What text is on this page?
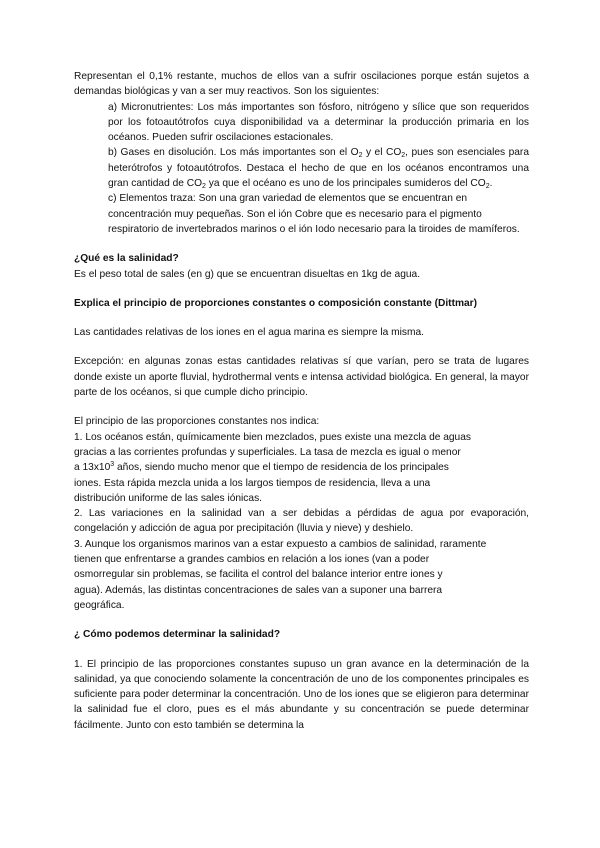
Representan el 0,1% restante, muchos de ellos van a sufrir oscilaciones porque están sujetos a demandas biológicas y van a ser muy reactivos. Son los siguientes:

a) Micronutrientes: Los más importantes son fósforo, nitrógeno y sílice que son requeridos por los fotoautótrofos cuya disponibilidad va a determinar la producción primaria en los océanos. Pueden sufrir oscilaciones estacionales.

b) Gases en disolución. Los más importantes son el $O_2$ y el $CO_2$, pues son esenciales para heterótrofos y fotoautótrofos. Destaca el hecho de que en los océanos encontramos una gran cantidad de $CO_2$ ya que el océano es uno de los principales sumideros del $CO_2$.

c) Elementos traza: Son una gran variedad de elementos que se encuentran en concentración muy pequeñas. Son el ión Cobre que es necesario para el pigmento respiratorio de invertebrados marinos o el ión Iodo necesario para la tiroides de mamíferos.

¿Qué es la salinidad?

Es el peso total de sales (en g) que se encuentran disueltas en 1kg de agua.

Explica el principio de proporciones constantes o composición constante (Dittmar)

Las cantidades relativas de los iones en el agua marina es siempre la misma.

Excepción: en algunas zonas estas cantidades relativas sí que varían, pero se trata de lugares donde existe un aporte fluvial, hydrothermal vents e intensa actividad biológica. En general, la mayor parte de los océanos, si que cumple dicho principio.

El principio de las proporciones constantes nos indica:

1. Los océanos están, químicamente bien mezclados, pues existe una mezcla de aguas

gracias a las corrientes profundas y superficiales. La tasa de mezcla es igual o menor

a $13x10^3$ años, siendo mucho menor que el tiempo de residencia de los principales

iones. Esta rápida mezcla unida a los largos tiempos de residencia, lleva a una

distribución uniforme de las sales iónicas.

2. Las variaciones en la salinidad van a ser debidas a pérdidas de agua por evaporación, congelación y adicción de agua por precipitación (lluvia y nieve) y deshielo.

3. Aunque los organismos marinos van a estar expuesto a cambios de salinidad, raramente

tienen que enfrentarse a grandes cambios en relación a los iones (van a poder

osmorregular sin problemas, se facilita el control del balance interior entre iones y

agua). Además, las distintas concentraciones de sales van a suponer una barrera

geográfica.

¿ Cómo podemos determinar la salinidad?

1. El principio de las proporciones constantes supuso un gran avance en la determinación de la salinidad, ya que conociendo solamente la concentración de uno de los componentes principales es suficiente para poder determinar la concentración. Uno de los iones que se eligieron para determinar la salinidad fue el cloro, pues es el más abundante y su concentración se puede determinar fácilmente. Junto con esto también se determina la
